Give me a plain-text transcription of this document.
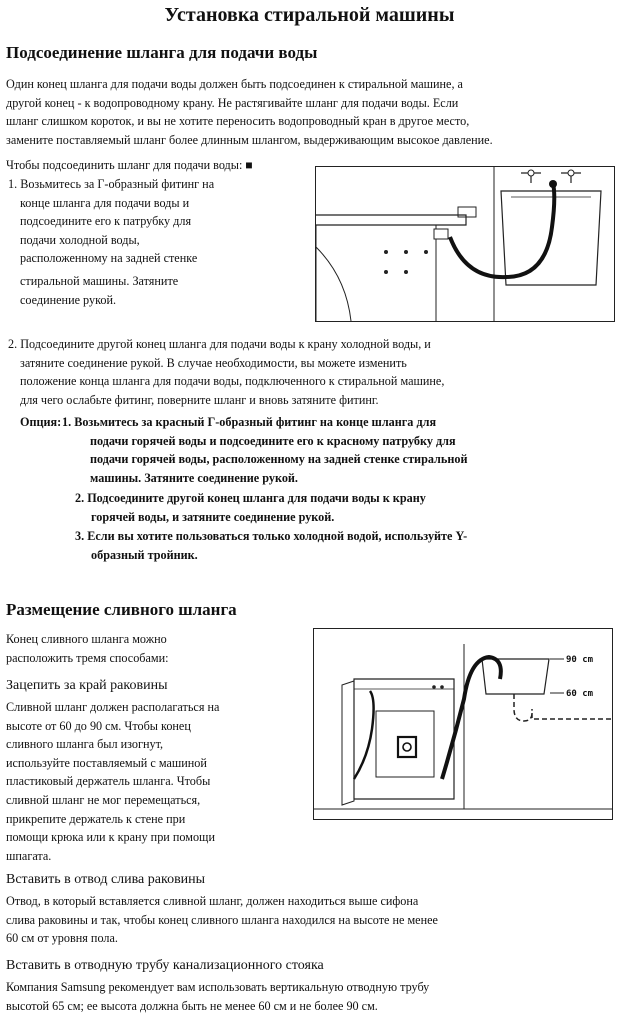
Установка стиральной машины
Подсоединение шланга для подачи воды
Один конец шланга для подачи воды должен быть подсоединен к стиральной машине, а
другой конец - к водопроводному крану. Не растягивайте шланг для подачи воды. Если
шланг слишком короток, и вы не хотите переносить водопроводный кран в другое место,
замените поставляемый шланг более длинным шлангом, выдерживающим высокое давление.
Чтобы подсоединить шланг для подачи воды: ■
1. Возьмитесь за Г-образный фитинг на
конце шланга для подачи воды и
подсоедините его к патрубку для
подачи холодной воды,
расположенному на задней стенке
стиральной машины. Затяните
соединение рукой.
2. Подсоедините другой конец шланга для подачи воды к крану холодной воды, и
затяните соединение рукой. В случае необходимости, вы можете изменить
положение конца шланга для подачи воды, подключенного к стиральной машине,
для чего ослабьте фитинг, поверните шланг и вновь затяните фитинг.
Опция: 1. Возьмитесь за красный Г-образный фитинг на конце шланга для
подачи горячей воды и подсоедините его к красному патрубку для
подачи горячей воды, расположенному на задней стенке стиральной
машины. Затяните соединение рукой.
2. Подсоедините другой конец шланга для подачи воды к крану
горячей воды, и затяните соединение рукой.
3. Если вы хотите пользоваться только холодной водой, используйте Y-
образный тройник.
Размещение сливного шланга
Конец сливного шланга можно
расположить тремя способами:
Зацепить за край раковины
Сливной шланг должен располагаться на
высоте от 60 до 90 см. Чтобы конец
сливного шланга был изогнут,
используйте поставляемый с машиной
пластиковый держатель шланга. Чтобы
сливной шланг не мог перемещаться,
прикрепите держатель к стене при
помощи крюка или к крану при помощи
шпагата.
90 cm
60 cm
Вставить в отвод слива раковины
Отвод, в который вставляется сливной шланг, должен находиться выше сифона
слива раковины и так, чтобы конец сливного шланга находился на высоте не менее
60 см от уровня пола.
Вставить в отводную трубу канализационного стояка
Компания Samsung рекомендует вам использовать вертикальную отводную трубу
высотой 65 см; ее высота должна быть не менее 60 см и не более 90 см.
